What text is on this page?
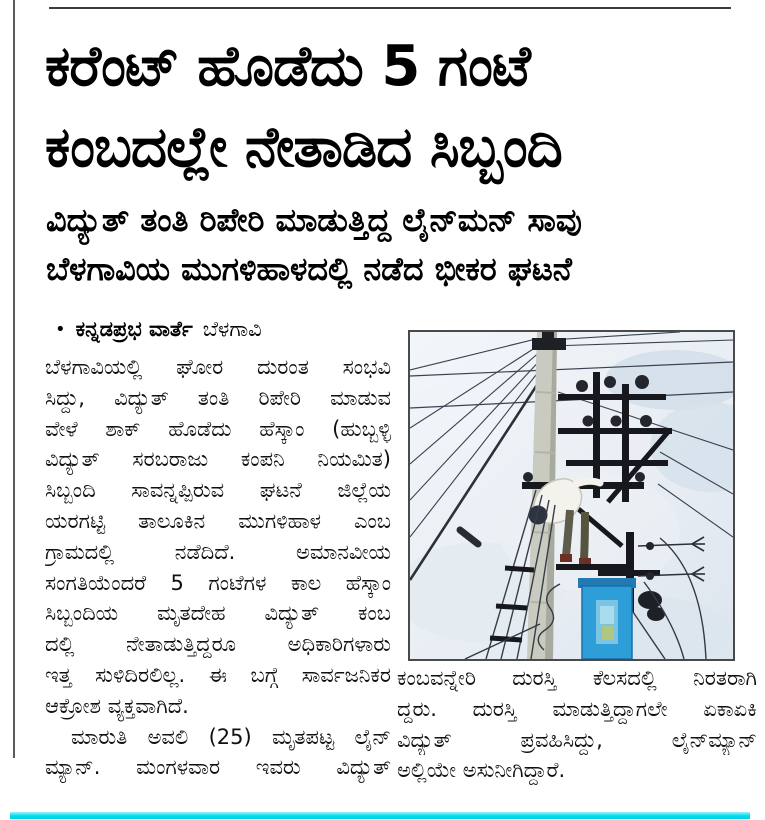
ಕರೆಂಟ್ ಹೊಡೆದು 5 ಗಂಟೆ
ಕಂಬದಲ್ಲೇ ನೇತಾಡಿದ ಸಿಬ್ಬಂದಿ
ವಿದ್ಯುತ್ ತಂತಿ ರಿಪೇರಿ ಮಾಡುತ್ತಿದ್ದ ಲೈನ್‌ಮನ್ ಸಾವು
ಬೆಳಗಾವಿಯ ಮುಗಳಿಹಾಳದಲ್ಲಿ ನಡೆದ ಭೀಕರ ಘಟನೆ
• ಕನ್ನಡಪ್ರಭ ವಾರ್ತೆ ಬೆಳಗಾವಿ
ಬೆಳಗಾವಿಯಲ್ಲಿ ಘೋರ ದುರಂತ ಸಂಭವಿ
ಸಿದ್ದು, ವಿದ್ಯುತ್ ತಂತಿ ರಿಪೇರಿ ಮಾಡುವ
ವೇಳೆ ಶಾಕ್ ಹೊಡೆದು ಹೆಸ್ಕಾಂ (ಹುಬ್ಬಳ್ಳಿ
ವಿದ್ಯುತ್ ಸರಬರಾಜು ಕಂಪನಿ ನಿಯಮಿತ)
ಸಿಬ್ಬಂದಿ ಸಾವನ್ನಪ್ಪಿರುವ ಘಟನೆ ಜಿಲ್ಲೆಯ
ಯರಗಟ್ಟಿ ತಾಲೂಕಿನ ಮುಗಳಿಹಾಳ ಎಂಬ
ಗ್ರಾಮದಲ್ಲಿ ನಡೆದಿದೆ. ಅಮಾನವೀಯ
ಸಂಗತಿಯೆಂದರೆ 5 ಗಂಟೆಗಳ ಕಾಲ ಹೆಸ್ಕಾಂ
ಸಿಬ್ಬಂದಿಯ ಮೃತದೇಹ ವಿದ್ಯುತ್ ಕಂಬ
ದಲ್ಲಿ ನೇತಾಡುತ್ತಿದ್ದರೂ ಅಧಿಕಾರಿಗಳಾರು
ಇತ್ತ ಸುಳಿದಿರಲಿಲ್ಲ. ಈ ಬಗ್ಗೆ ಸಾರ್ವಜನಿಕರ
ಆಕ್ರೋಶ ವ್ಯಕ್ತವಾಗಿದೆ.
ಮಾರುತಿ ಅವಲಿ (25) ಮೃತಪಟ್ಟ ಲೈನ್
ಮ್ಯಾನ್. ಮಂಗಳವಾರ ಇವರು ವಿದ್ಯುತ್
ಕಂಬವನ್ನೇರಿ ದುರಸ್ತಿ ಕೆಲಸದಲ್ಲಿ ನಿರತರಾಗಿ
ದ್ದರು. ದುರಸ್ತಿ ಮಾಡುತ್ತಿದ್ದಾಗಲೇ ಏಕಾಏಕಿ
ವಿದ್ಯುತ್ ಪ್ರವಹಿಸಿದ್ದು, ಲೈನ್‌ಮ್ಯಾನ್
ಅಲ್ಲಿಯೇ ಅಸುನೀಗಿದ್ದಾರೆ.
